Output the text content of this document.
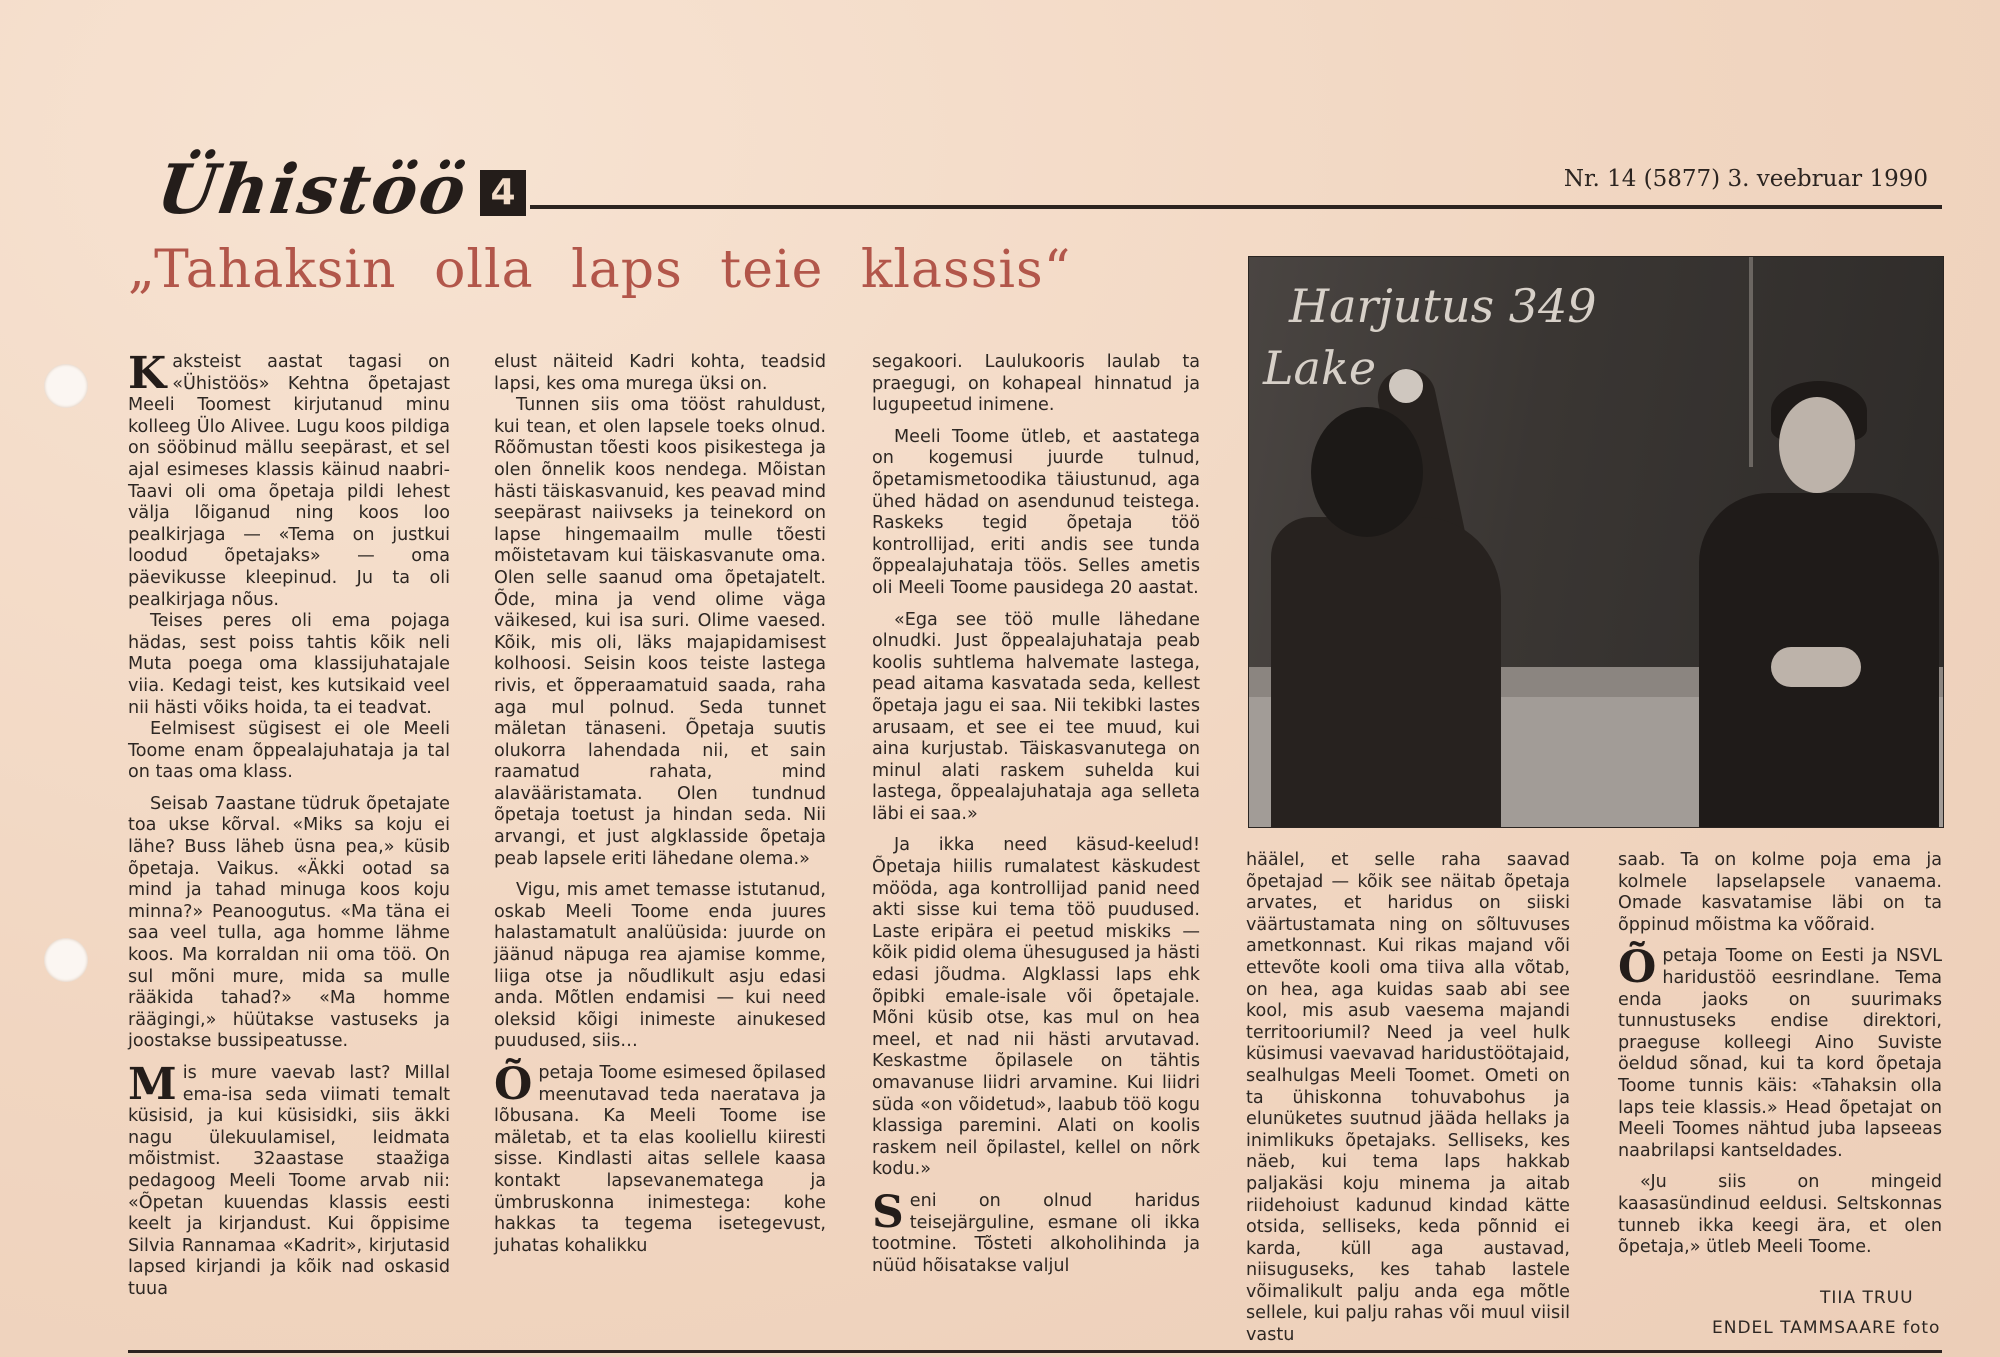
Ühistöö 4	Nr. 14 (5877) 3. veebruar 1990
„Tahaksin olla laps teie klassis“

Kaksteist aastat tagasi on «Ühistöös» Kehtna õpetajast Meeli Toomest kirjutanud minu kolleeg Ülo Alivee. Lugu koos pildiga on sööbinud mällu seepärast, et sel ajal esimeses klassis käinud naabri-Taavi oli oma õpetaja pildi lehest välja lõiganud ning koos loo pealkirjaga — «Tema on justkui loodud õpetajaks» — oma päevikusse kleepinud. Ju ta oli pealkirjaga nõus.

Teises peres oli ema pojaga hädas, sest poiss tahtis kõik neli Muta poega oma klassijuhatajale viia. Kedagi teist, kes kutsikaid veel nii hästi võiks hoida, ta ei teadvat.

Eelmisest sügisest ei ole Meeli Toome enam õppealajuhataja ja tal on taas oma klass.

Seisab 7aastane tüdruk õpetajate toa ukse kõrval. «Miks sa koju ei lähe? Buss läheb üsna pea,» küsib õpetaja. Vaikus. «Äkki ootad sa mind ja tahad minuga koos koju minna?» Peanoogutus. «Ma täna ei saa veel tulla, aga homme lähme koos. Ma korraldan nii oma töö. On sul mõni mure, mida sa mulle rääkida tahad?» «Ma homme räägingi,» hüütakse vastuseks ja joostakse bussipeatusse.

Mis mure vaevab last? Millal ema-isa seda viimati temalt küsisid, ja kui küsisidki, siis äkki nagu ülekuulamisel, leidmata mõistmist. 32aastase staažiga pedagoog Meeli Toome arvab nii: «Õpetan kuuendas klassis eesti keelt ja kirjandust. Kui õppisime Silvia Rannamaa «Kadrit», kirjutasid lapsed kirjandi ja kõik nad oskasid tuua

elust näiteid Kadri kohta, teadsid lapsi, kes oma murega üksi on.

Tunnen siis oma tööst rahuldust, kui tean, et olen lapsele toeks olnud. Rõõmustan tõesti koos pisikestega ja olen õnnelik koos nendega. Mõistan hästi täiskasvanuid, kes peavad mind seepärast naiivseks ja teinekord on lapse hingemaailm mulle tõesti mõistetavam kui täiskasvanute oma. Olen selle saanud oma õpetajatelt. Õde, mina ja vend olime väga väikesed, kui isa suri. Olime vaesed. Kõik, mis oli, läks majapidamisest kolhoosi. Seisin koos teiste lastega rivis, et õpperaamatuid saada, raha aga mul polnud. Seda tunnet mäletan tänaseni. Õpetaja suutis olukorra lahendada nii, et sain raamatud rahata, mind alavääristamata. Olen tundnud õpetaja toetust ja hindan seda. Nii arvangi, et just algklasside õpetaja peab lapsele eriti lähedane olema.»

Vigu, mis amet temasse istutanud, oskab Meeli Toome enda juures halastamatult analüüsida: juurde on jäänud näpuga rea ajamise komme, liiga otse ja nõudlikult asju edasi anda. Mõtlen endamisi — kui need oleksid kõigi inimeste ainukesed puudused, siis…

Õpetaja Toome esimesed õpilased meenutavad teda naeratava ja lõbusana. Ka Meeli Toome ise mäletab, et ta elas kooliellu kiiresti sisse. Kindlasti aitas sellele kaasa kontakt lapsevanematega ja ümbruskonna inimestega: kohe hakkas ta tegema isetegevust, juhatas kohalikku

segakoori. Laulukooris laulab ta praegugi, on kohapeal hinnatud ja lugupeetud inimene.

Meeli Toome ütleb, et aastatega on kogemusi juurde tulnud, õpetamismetoodika täiustunud, aga ühed hädad on asendunud teistega. Raskeks tegid õpetaja töö kontrollijad, eriti andis see tunda õppealajuhataja töös. Selles ametis oli Meeli Toome pausidega 20 aastat.

«Ega see töö mulle lähedane olnudki. Just õppealajuhataja peab koolis suhtlema halvemate lastega, pead aitama kasvatada seda, kellest õpetaja jagu ei saa. Nii tekibki lastes arusaam, et see ei tee muud, kui aina kurjustab. Täiskasvanutega on minul alati raskem suhelda kui lastega, õppealajuhataja aga selleta läbi ei saa.»

Ja ikka need käsud-keelud! Õpetaja hiilis rumalatest käskudest mööda, aga kontrollijad panid need akti sisse kui tema töö puudused. Laste eripära ei peetud miskiks — kõik pidid olema ühesugused ja hästi edasi jõudma. Algklassi laps ehk õpibki emale-isale või õpetajale. Mõni küsib otse, kas mul on hea meel, et nad nii hästi arvutavad. Keskastme õpilasele on tähtis omavanuse liidri arvamine. Kui liidri süda «on võidetud», laabub töö kogu klassiga paremini. Alati on koolis raskem neil õpilastel, kellel on nõrk kodu.»

Seni on olnud haridus teisejärguline, esmane oli ikka tootmine. Tõsteti alkoholihinda ja nüüd hõisatakse valjul

Harjutus 349
Lake

häälel, et selle raha saavad õpetajad — kõik see näitab õpetaja arvates, et haridus on siiski väärtustamata ning on sõltuvuses ametkonnast. Kui rikas majand või ettevõte kooli oma tiiva alla võtab, on hea, aga kuidas saab abi see kool, mis asub vaesema majandi territooriumil? Need ja veel hulk küsimusi vaevavad haridustöötajaid, sealhulgas Meeli Toomet. Ometi on ta ühiskonna tohuvabohus ja elunüketes suutnud jääda hellaks ja inimlikuks õpetajaks. Selliseks, kes näeb, kui tema laps hakkab paljakäsi koju minema ja aitab riidehoiust kadunud kindad kätte otsida, selliseks, keda põnnid ei karda, küll aga austavad, niisuguseks, kes tahab lastele võimalikult palju anda ega mõtle sellele, kui palju rahas või muul viisil vastu

saab. Ta on kolme poja ema ja kolmele lapselapsele vanaema. Omade kasvatamise läbi on ta õppinud mõistma ka võõraid.

Õpetaja Toome on Eesti ja NSVL haridustöö eesrindlane. Tema enda jaoks on suurimaks tunnustuseks endise direktori, praeguse kolleegi Aino Suviste öeldud sõnad, kui ta kord õpetaja Toome tunnis käis: «Tahaksin olla laps teie klassis.» Head õpetajat on Meeli Toomes nähtud juba lapseeas naabrilapsi kantseldades.

«Ju siis on mingeid kaasasündinud eeldusi. Seltskonnas tunneb ikka keegi ära, et olen õpetaja,» ütleb Meeli Toome.

TIIA TRUU
ENDEL TAMMSAARE foto
